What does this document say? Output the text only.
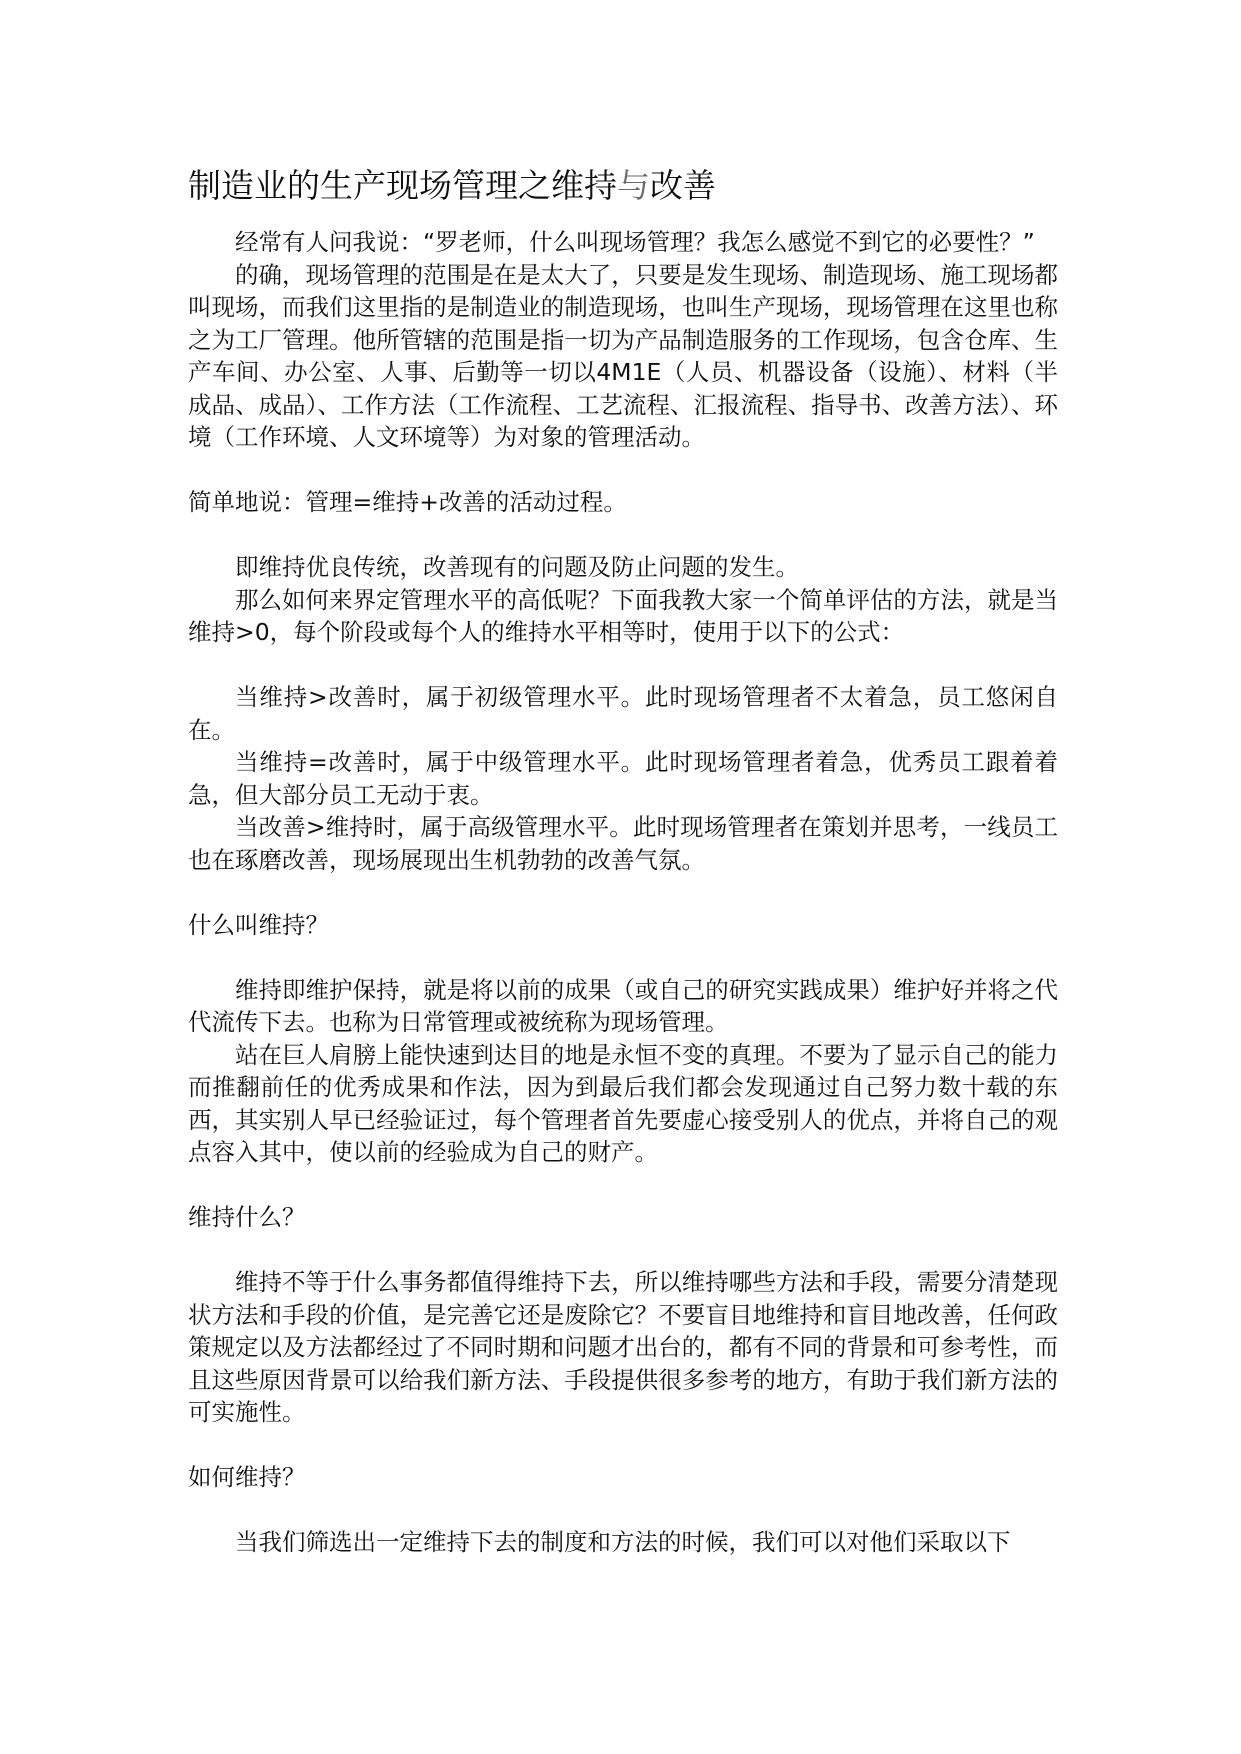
制造业的生产现场管理之维持与改善

经常有人问我说：“罗老师，什么叫现场管理？我怎么感觉不到它的必要性？”

的确，现场管理的范围是在是太大了，只要是发生现场、制造现场、施工现场都叫现场，而我们这里指的是制造业的制造现场，也叫生产现场，现场管理在这里也称之为工厂管理。他所管辖的范围是指一切为产品制造服务的工作现场，包含仓库、生产车间、办公室、人事、后勤等一切以4M1E（人员、机器设备（设施）、材料（半成品、成品）、工作方法（工作流程、工艺流程、汇报流程、指导书、改善方法）、环境（工作环境、人文环境等）为对象的管理活动。

简单地说：管理=维持+改善的活动过程。

即维持优良传统，改善现有的问题及防止问题的发生。

那么如何来界定管理水平的高低呢？下面我教大家一个简单评估的方法，就是当维持>0，每个阶段或每个人的维持水平相等时，使用于以下的公式：

当维持>改善时，属于初级管理水平。此时现场管理者不太着急，员工悠闲自在。

当维持=改善时，属于中级管理水平。此时现场管理者着急，优秀员工跟着着急，但大部分员工无动于衷。

当改善>维持时，属于高级管理水平。此时现场管理者在策划并思考，一线员工也在琢磨改善，现场展现出生机勃勃的改善气氛。

什么叫维持？

维持即维护保持，就是将以前的成果（或自己的研究实践成果）维护好并将之代代流传下去。也称为日常管理或被统称为现场管理。

站在巨人肩膀上能快速到达目的地是永恒不变的真理。不要为了显示自己的能力而推翻前任的优秀成果和作法，因为到最后我们都会发现通过自己努力数十载的东西，其实别人早已经验证过，每个管理者首先要虚心接受别人的优点，并将自己的观点容入其中，使以前的经验成为自己的财产。

维持什么？

维持不等于什么事务都值得维持下去，所以维持哪些方法和手段，需要分清楚现状方法和手段的价值，是完善它还是废除它？不要盲目地维持和盲目地改善，任何政策规定以及方法都经过了不同时期和问题才出台的，都有不同的背景和可参考性，而且这些原因背景可以给我们新方法、手段提供很多参考的地方，有助于我们新方法的可实施性。

如何维持？

当我们筛选出一定维持下去的制度和方法的时候，我们可以对他们采取以下
